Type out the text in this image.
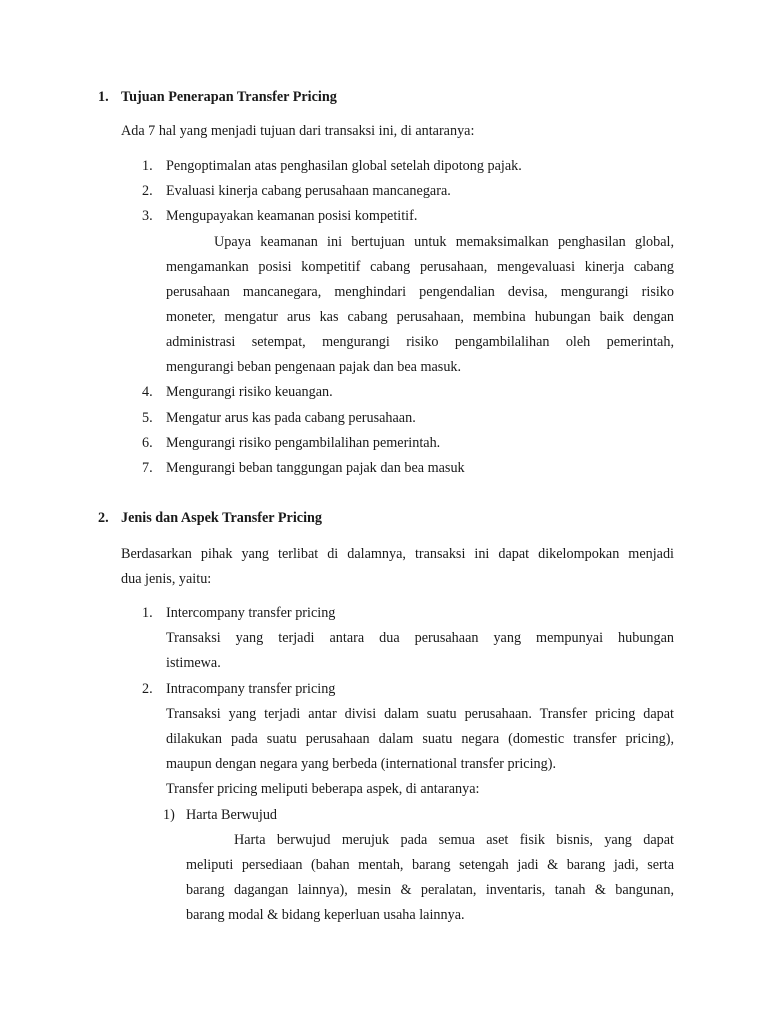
1. Tujuan Penerapan Transfer Pricing
Ada 7 hal yang menjadi tujuan dari transaksi ini, di antaranya:
1. Pengoptimalan atas penghasilan global setelah dipotong pajak.
2. Evaluasi kinerja cabang perusahaan mancanegara.
3. Mengupayakan keamanan posisi kompetitif.
Upaya keamanan ini bertujuan untuk memaksimalkan penghasilan global,
mengamankan posisi kompetitif cabang perusahaan, mengevaluasi kinerja cabang
perusahaan mancanegara, menghindari pengendalian devisa, mengurangi risiko
moneter, mengatur arus kas cabang perusahaan, membina hubungan baik dengan
administrasi setempat, mengurangi risiko pengambilalihan oleh pemerintah,
mengurangi beban pengenaan pajak dan bea masuk.
4. Mengurangi risiko keuangan.
5. Mengatur arus kas pada cabang perusahaan.
6. Mengurangi risiko pengambilalihan pemerintah.
7. Mengurangi beban tanggungan pajak dan bea masuk
2. Jenis dan Aspek Transfer Pricing
Berdasarkan pihak yang terlibat di dalamnya, transaksi ini dapat dikelompokan menjadi
dua jenis, yaitu:
1. Intercompany transfer pricing
Transaksi yang terjadi antara dua perusahaan yang mempunyai hubungan
istimewa.
2. Intracompany transfer pricing
Transaksi yang terjadi antar divisi dalam suatu perusahaan. Transfer pricing dapat
dilakukan pada suatu perusahaan dalam suatu negara (domestic transfer pricing),
maupun dengan negara yang berbeda (international transfer pricing).
Transfer pricing meliputi beberapa aspek, di antaranya:
1) Harta Berwujud
Harta berwujud merujuk pada semua aset fisik bisnis, yang dapat
meliputi persediaan (bahan mentah, barang setengah jadi & barang jadi, serta
barang dagangan lainnya), mesin & peralatan, inventaris, tanah & bangunan,
barang modal & bidang keperluan usaha lainnya.
